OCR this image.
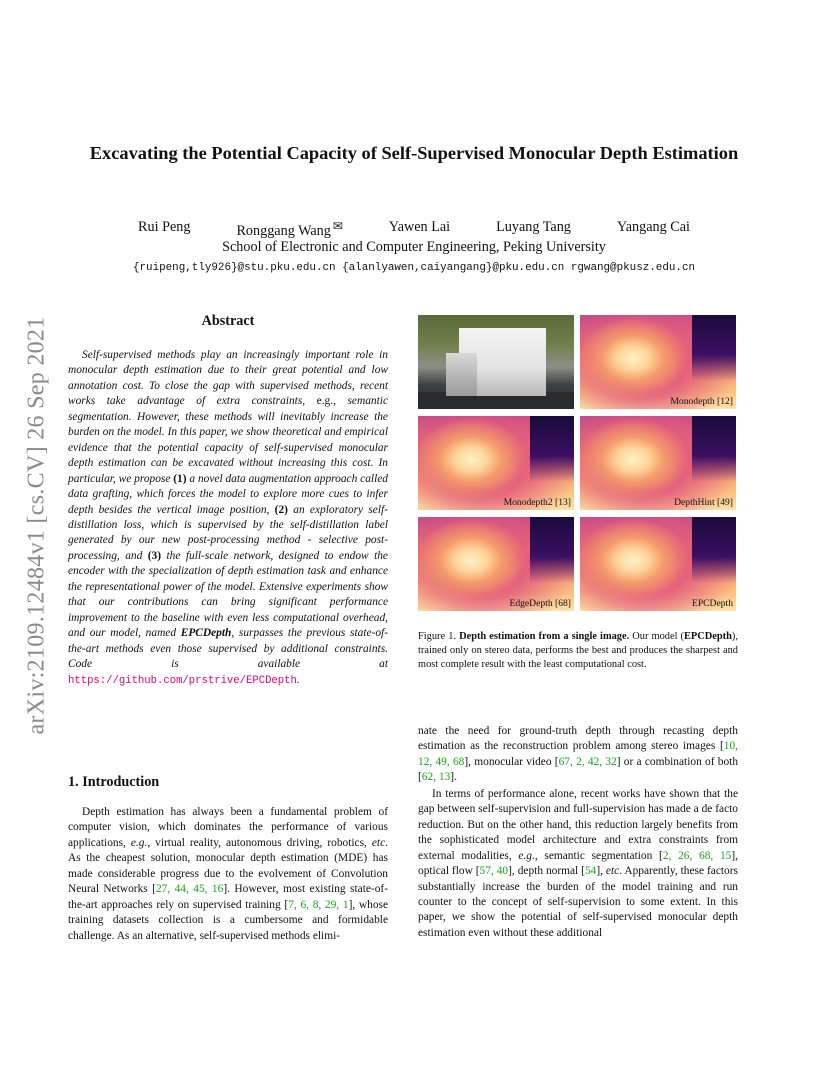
arXiv:2109.12484v1 [cs.CV] 26 Sep 2021
Excavating the Potential Capacity of Self-Supervised Monocular Depth Estimation
Rui Peng	Ronggang Wang ✉	Yawen Lai	Luyang Tang	Yangang Cai
School of Electronic and Computer Engineering, Peking University
{ruipeng,tly926}@stu.pku.edu.cn {alanlyawen,caiyangang}@pku.edu.cn rgwang@pkusz.edu.cn
Abstract
Self-supervised methods play an increasingly important role in monocular depth estimation due to their great potential and low annotation cost. To close the gap with supervised methods, recent works take advantage of extra constraints, e.g., semantic segmentation. However, these methods will inevitably increase the burden on the model. In this paper, we show theoretical and empirical evidence that the potential capacity of self-supervised monocular depth estimation can be excavated without increasing this cost. In particular, we propose (1) a novel data augmentation approach called data grafting, which forces the model to explore more cues to infer depth besides the vertical image position, (2) an exploratory self-distillation loss, which is supervised by the self-distillation label generated by our new post-processing method - selective post-processing, and (3) the full-scale network, designed to endow the encoder with the specialization of depth estimation task and enhance the representational power of the model. Extensive experiments show that our contributions can bring significant performance improvement to the baseline with even less computational overhead, and our model, named EPCDepth, surpasses the previous state-of-the-art methods even those supervised by additional constraints. Code is available at https://github.com/prstrive/EPCDepth.
1. Introduction
Depth estimation has always been a fundamental problem of computer vision, which dominates the performance of various applications, e.g., virtual reality, autonomous driving, robotics, etc. As the cheapest solution, monocular depth estimation (MDE) has made considerable progress due to the evolvement of Convolution Neural Networks [27, 44, 45, 16]. However, most existing state-of-the-art approaches rely on supervised training [7, 6, 8, 29, 1], whose training datasets collection is a cumbersome and formidable challenge. As an alternative, self-supervised methods elimi-
Monodepth [12]
Monodepth2 [13]	DepthHint [49]
EdgeDepth [68]	EPCDepth
Figure 1. Depth estimation from a single image. Our model (EPCDepth), trained only on stereo data, performs the best and produces the sharpest and most complete result with the least computational cost.

nate the need for ground-truth depth through recasting depth estimation as the reconstruction problem among stereo images [10, 12, 49, 68], monocular video [67, 2, 42, 32] or a combination of both [62, 13].

In terms of performance alone, recent works have shown that the gap between self-supervision and full-supervision has made a de facto reduction. But on the other hand, this reduction largely benefits from the sophisticated model architecture and extra constraints from external modalities, e.g., semantic segmentation [2, 26, 68, 15], optical flow [57, 40], depth normal [54], etc. Apparently, these factors substantially increase the burden of the model training and run counter to the concept of self-supervision to some extent. In this paper, we show the potential of self-supervised monocular depth estimation even without these additional
